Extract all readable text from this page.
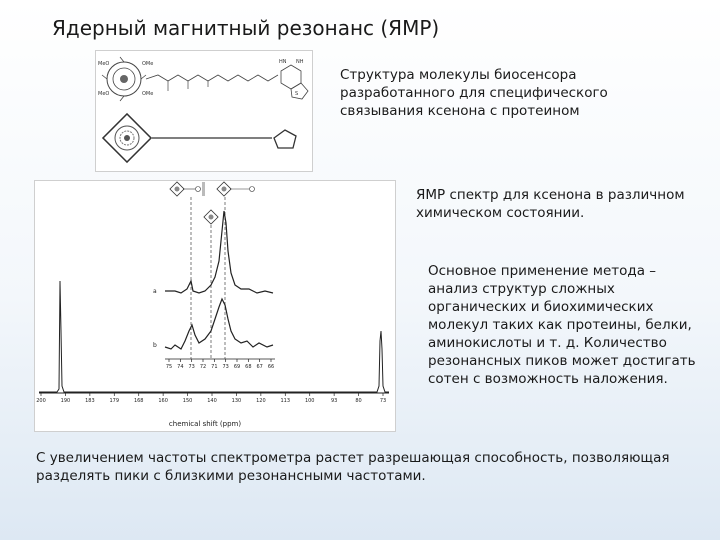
Ядерный магнитный резонанс (ЯМР)
MeO
MeO
OMe
OMe
HN NH
S
Структура молекулы биосенсора разработанного для специфического связывания ксенона с протеином
200	190	183	179	168	160	150	140	130	120	113	100	93	80	73
chemical shift (ppm)
a
b
75 74 73 72 71 73 69 68 67 66
ЯМР спектр для ксенона в различном химическом состоянии.
Основное применение метода – анализ структур сложных органических и биохимических молекул таких как протеины, белки, аминокислоты и т. д. Количество резонансных пиков может достигать сотен с возможность наложения.
С увеличением частоты спектрометра растет разрешающая способность, позволяющая разделять пики с близкими резонансными частотами.
